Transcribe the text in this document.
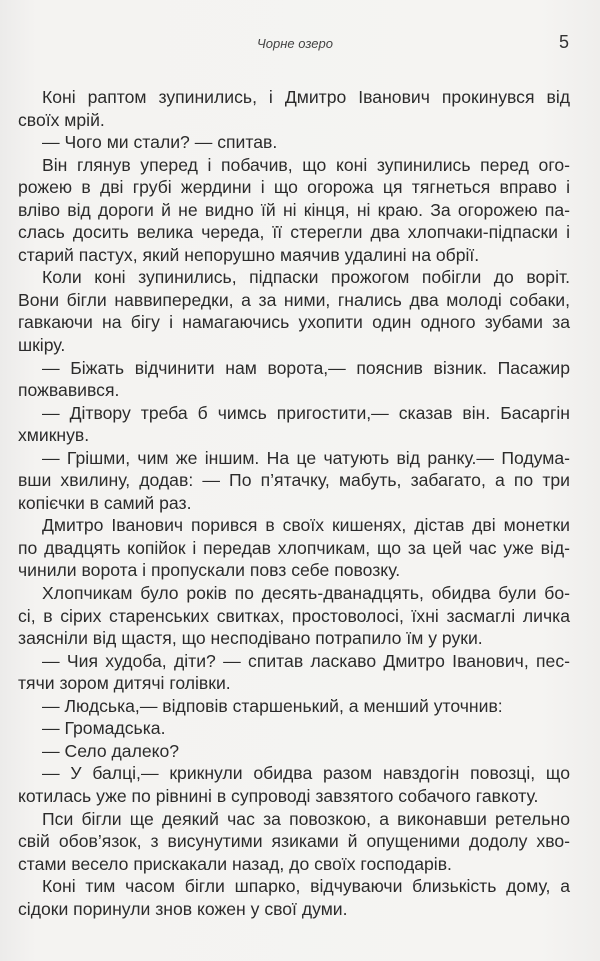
Чорне озеро	5
Коні раптом зупинились, і Дмитро Іванович прокинувся від
своїх мрій.
— Чого ми стали? — спитав.
Він глянув уперед і побачив, що коні зупинились перед ого-
рожею в дві грубі жердини і що огорожа ця тягнеться вправо і
вліво від дороги й не видно їй ні кінця, ні краю. За огорожею па-
слась досить велика череда, її стерегли два хлопчаки-підпаски і
старий пастух, який непорушно маячив удалині на обрії.
Коли коні зупинились, підпаски прожогом побігли до воріт.
Вони бігли наввипередки, а за ними, гнались два молоді собаки,
гавкаючи на бігу і намагаючись ухопити один одного зубами за
шкіру.
— Біжать відчинити нам ворота,— пояснив візник. Пасажир
пожвавився.
— Дітвору треба б чимсь пригостити,— сказав він. Басаргін
хмикнув.
— Грішми, чим же іншим. На це чатують від ранку.— Подума-
вши хвилину, додав: — По п’ятачку, мабуть, забагато, а по три
копієчки в самий раз.
Дмитро Іванович порився в своїх кишенях, дістав дві монетки
по двадцять копійок і передав хлопчикам, що за цей час уже від-
чинили ворота і пропускали повз себе повозку.
Хлопчикам було років по десять-дванадцять, обидва були бо-
сі, в сірих старенських свитках, простоволосі, їхні засмаглі личка
заясніли від щастя, що несподівано потрапило їм у руки.
— Чия худоба, діти? — спитав ласкаво Дмитро Іванович, пес-
тячи зором дитячі голівки.
— Людська,— відповів старшенький, а менший уточнив:
— Громадська.
— Село далеко?
— У балці,— крикнули обидва разом навздогін повозці, що
котилась уже по рівнині в супроводі завзятого собачого гавкоту.
Пси бігли ще деякий час за повозкою, а виконавши ретельно
свій обов’язок, з висунутими язиками й опущеними додолу хво-
стами весело прискакали назад, до своїх господарів.
Коні тим часом бігли шпарко, відчуваючи близькість дому, а
сідоки поринули знов кожен у свої думи.
